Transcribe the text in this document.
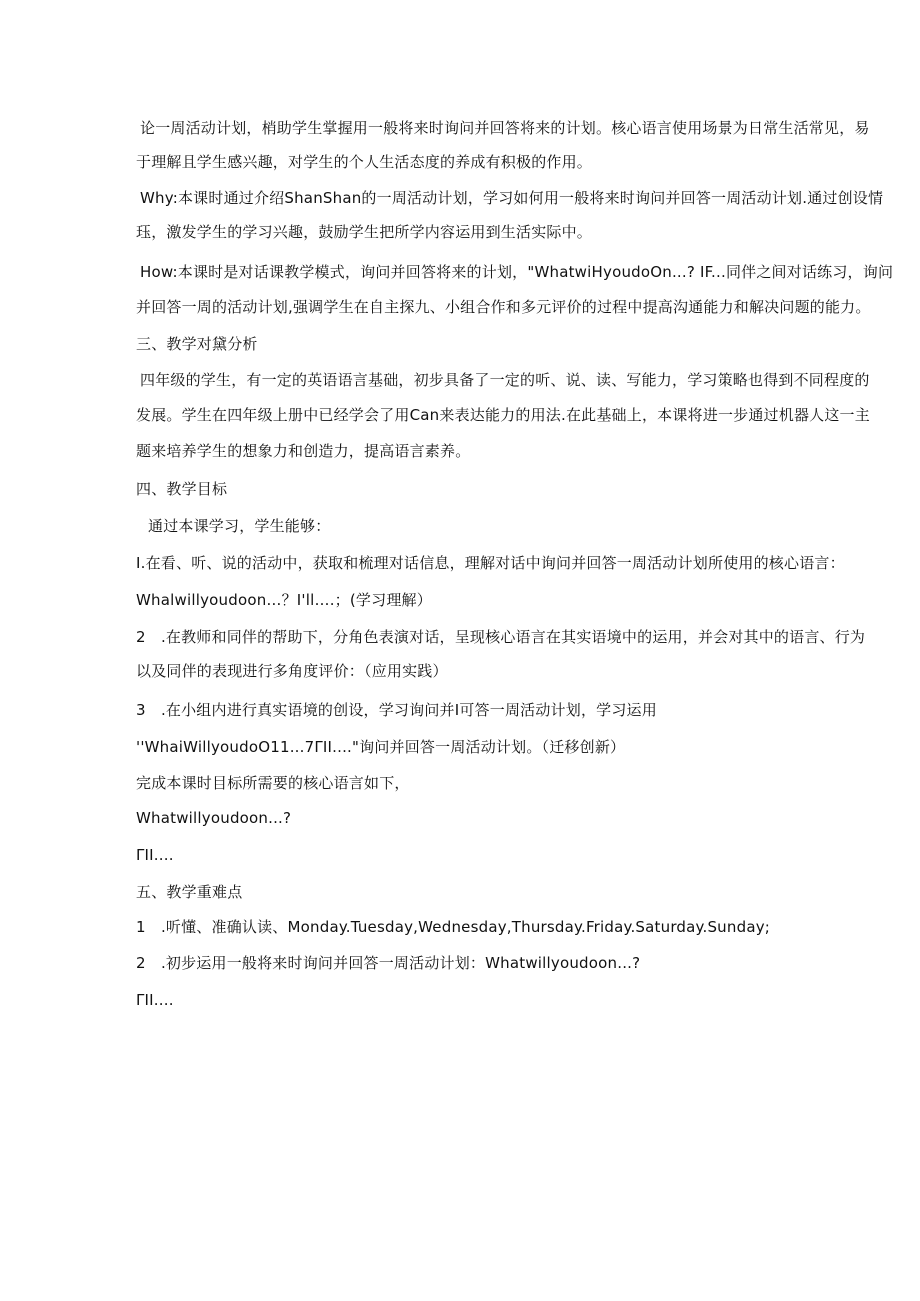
论一周活动计划，梢助学生掌握用一般将来时询问并回答将来的计划。核心语言使用场景为日常生活常见，易
于理解且学生感兴趣，对学生的个人生活态度的养成有积极的作用。
Why:本课时通过介绍ShanShan的一周活动计划，学习如何用一般将来时询问并回答一周活动计划.通过创设情
珏，激发学生的学习兴趣，鼓励学生把所学内容运用到生活实际中。
How:本课时是对话课教学模式，询问并回答将来的计划，"WhatwiHyoudoOn...? IF...同伴之间对话练习，询问
并回答一周的活动计划,强调学生在自主探九、小组合作和多元评价的过程中提高沟通能力和解决问题的能力。
三、教学对黛分析
四年级的学生，有一定的英语语言基础，初步具备了一定的听、说、读、写能力，学习策略也得到不同程度的
发展。学生在四年级上册中已经学会了用Can来表达能力的用法.在此基础上，本课将进一步通过机器人这一主
题来培养学生的想象力和创造力，提高语言素养。
四、教学目标
通过本课学习，学生能够：
I.在看、听、说的活动中，获取和梳理对话信息，理解对话中询问并回答一周活动计划所使用的核心语言：
Whalwillyoudoon…？I'll….；(学习理解）
2　.在教师和同伴的帮助下，分角色表演对话，呈现核心语言在其实语境中的运用，并会对其中的语言、行为
以及同伴的表现进行多角度评价：（应用实践）
3　.在小组内进行真实语境的创设，学习询问并I可答一周活动计划，学习运用
''WhaiWillyoudoO11...7ΓII...."询问并回答一周活动计划。（迁移创新）
完成本课时目标所需要的核心语言如下，
Whatwillyoudoon...?
ΓII....
五、教学重难点
1　.听懂、准确认读、Monday.Tuesday,Wednesday,Thursday.Friday.Saturday.Sunday;
2　.初步运用一般将来时询问并回答一周活动计划：Whatwillyoudoon...?
ΓII....
